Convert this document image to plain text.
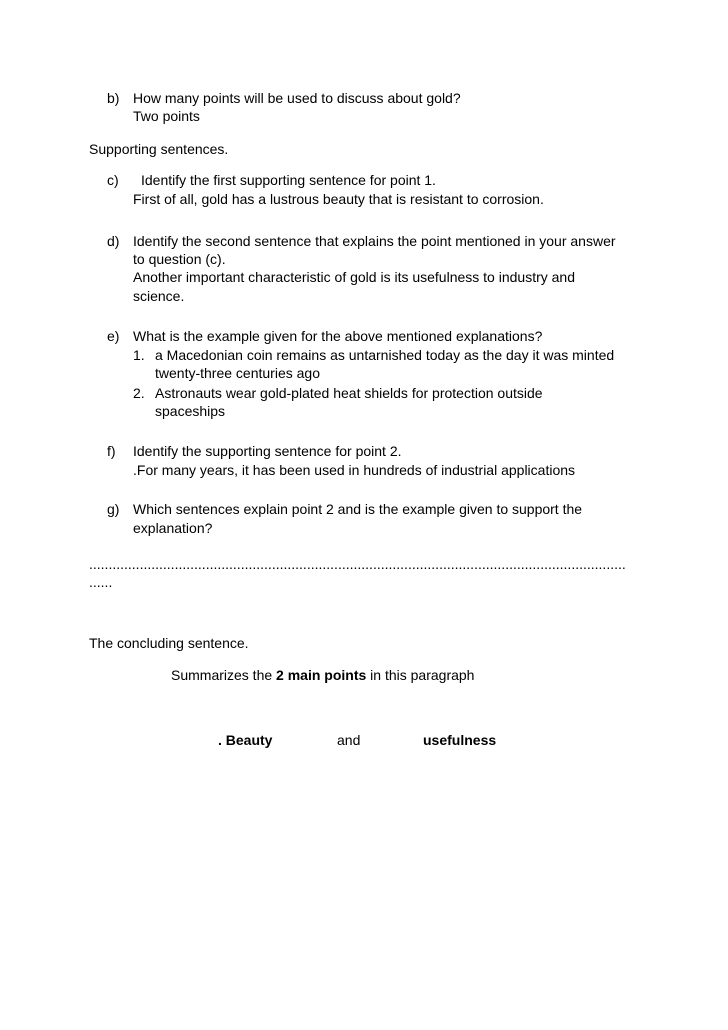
b) How many points will be used to discuss about gold?
Two points
Supporting sentences.
c) Identify the first supporting sentence for point 1.
First of all, gold has a lustrous beauty that is resistant to corrosion.
d) Identify the second sentence that explains the point mentioned in your answer
to question (c).
Another important characteristic of gold is its usefulness to industry and
science.
e) What is the example given for the above mentioned explanations?
1. a Macedonian coin remains as untarnished today as the day it was minted
twenty-three centuries ago
2. Astronauts wear gold-plated heat shields for protection outside
spaceships
f) Identify the supporting sentence for point 2.
.For many years, it has been used in hundreds of industrial applications
g) Which sentences explain point 2 and is the example given to support the
explanation?
..........................................................................................................................................
......
The concluding sentence.
Summarizes the 2 main points in this paragraph
. Beauty	and	usefulness
